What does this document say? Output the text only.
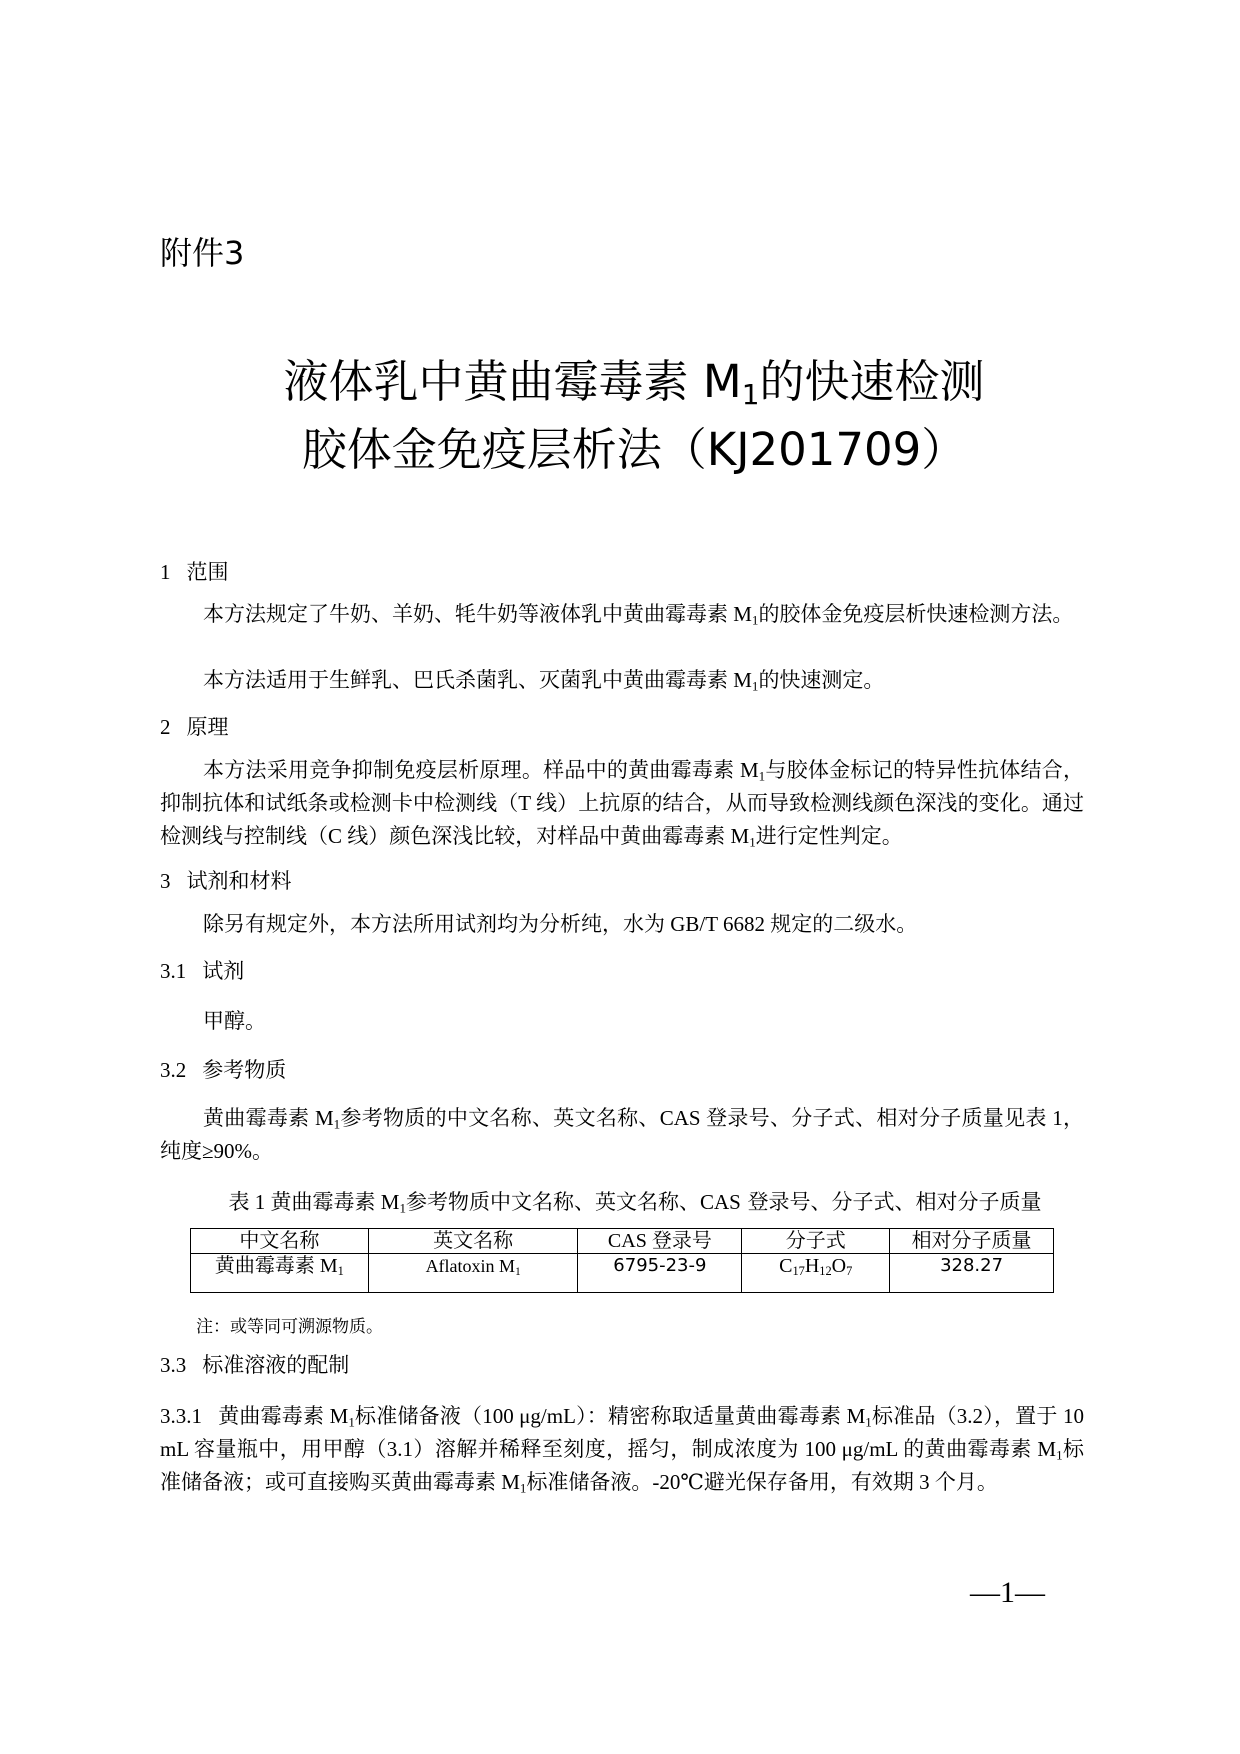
附件3
液体乳中黄曲霉毒素 $M_1$的快速检测
胶体金免疫层析法（KJ201709）
1 范围
本方法规定了牛奶、羊奶、牦牛奶等液体乳中黄曲霉毒素 $M_1$的胶体金免疫层析快速检测方法。
本方法适用于生鲜乳、巴氏杀菌乳、灭菌乳中黄曲霉毒素 $M_1$的快速测定。
2 原理
本方法采用竞争抑制免疫层析原理。样品中的黄曲霉毒素 $M_1$与胶体金标记的特异性抗体结合，抑制抗体和试纸条或检测卡中检测线（T 线）上抗原的结合，从而导致检测线颜色深浅的变化。通过检测线与控制线（C 线）颜色深浅比较，对样品中黄曲霉毒素 $M_1$进行定性判定。
3 试剂和材料
除另有规定外，本方法所用试剂均为分析纯，水为 GB/T 6682 规定的二级水。
3.1 试剂
甲醇。
3.2 参考物质
黄曲霉毒素 $M_1$参考物质的中文名称、英文名称、CAS 登录号、分子式、相对分子质量见表 1，纯度≥90%。
表 1 黄曲霉毒素 $M_1$参考物质中文名称、英文名称、CAS 登录号、分子式、相对分子质量
中文名称	英文名称	CAS 登录号	分子式	相对分子质量
黄曲霉毒素 $M_1$	Aflatoxin $M_1$	6795-23-9	$C_{17}H_{12}O_7$	328.27
注：或等同可溯源物质。
3.3 标准溶液的配制
3.3.1 黄曲霉毒素 $M_1$标准储备液（100 μg/mL）：精密称取适量黄曲霉毒素 $M_1$标准品（3.2），置于 10 mL 容量瓶中，用甲醇（3.1）溶解并稀释至刻度，摇匀，制成浓度为 100 μg/mL 的黄曲霉毒素 $M_1$标准储备液；或可直接购买黄曲霉毒素 $M_1$标准储备液。-20℃避光保存备用，有效期 3 个月。
—1—
